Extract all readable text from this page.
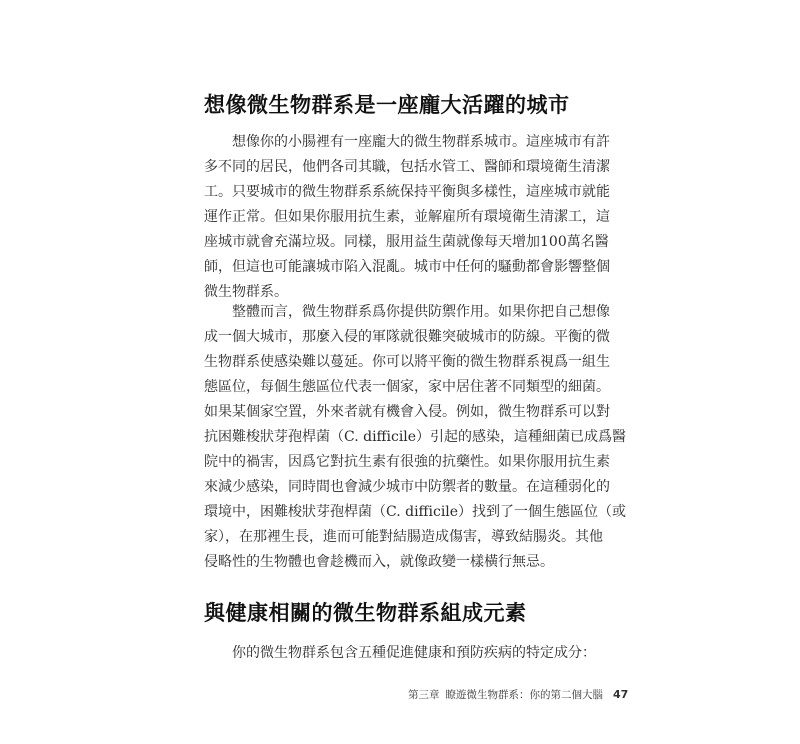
想像微生物群系是一座龐大活躍的城市
　　想像你的小腸裡有一座龐大的微生物群系城市。這座城市有許
多不同的居民，他們各司其職，包括水管工、醫師和環境衛生清潔
工。只要城市的微生物群系系統保持平衡與多樣性，這座城市就能
運作正常。但如果你服用抗生素，並解雇所有環境衛生清潔工，這
座城市就會充滿垃圾。同樣，服用益生菌就像每天增加100萬名醫
師，但這也可能讓城市陷入混亂。城市中任何的騷動都會影響整個
微生物群系。
　　整體而言，微生物群系爲你提供防禦作用。如果你把自己想像
成一個大城市，那麼入侵的軍隊就很難突破城市的防線。平衡的微
生物群系使感染難以蔓延。你可以將平衡的微生物群系視爲一組生
態區位，每個生態區位代表一個家，家中居住著不同類型的細菌。
如果某個家空置，外來者就有機會入侵。例如，微生物群系可以對
抗困難梭狀芽孢桿菌（C. difficile）引起的感染，這種細菌已成爲醫
院中的禍害，因爲它對抗生素有很強的抗藥性。如果你服用抗生素
來減少感染，同時間也會減少城市中防禦者的數量。在這種弱化的
環境中，困難梭狀芽孢桿菌（C. difficile）找到了一個生態區位（或
家），在那裡生長，進而可能對結腸造成傷害，導致結腸炎。其他
侵略性的生物體也會趁機而入，就像政變一樣橫行無忌。
與健康相關的微生物群系組成元素
　　你的微生物群系包含五種促進健康和預防疾病的特定成分：
第三章 瞭遊微生物群系：你的第二個大腦 47
